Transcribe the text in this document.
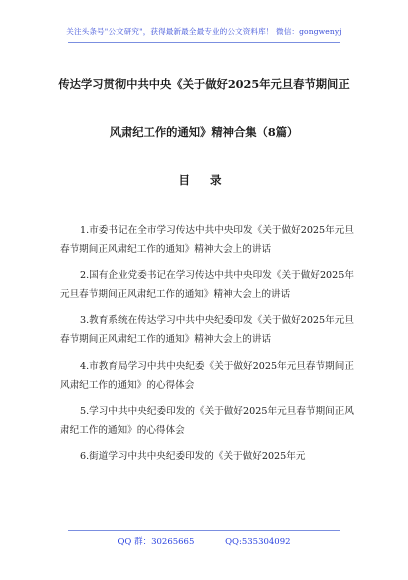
关注头条号"公文研究"，获得最新最全最专业的公文资料库！ 微信：gongwenyj
传达学习贯彻中共中央《关于做好2025年元旦春节期间正
风肃纪工作的通知》精神合集（8篇）
目 录

1.市委书记在全市学习传达中共中央印发《关于做好2025年元旦春节期间正风肃纪工作的通知》精神大会上的讲话

2.国有企业党委书记在学习传达中共中央印发《关于做好2025年元旦春节期间正风肃纪工作的通知》精神大会上的讲话

3.教育系统在传达学习中共中央纪委印发《关于做好2025年元旦春节期间正风肃纪工作的通知》精神大会上的讲话

4.市教育局学习中共中央纪委《关于做好2025年元旦春节期间正风肃纪工作的通知》的心得体会

5.学习中共中央纪委印发的《关于做好2025年元旦春节期间正风肃纪工作的通知》的心得体会

6.街道学习中共中央纪委印发的《关于做好2025年元

QQ 群：30265665	QQ:535304092
